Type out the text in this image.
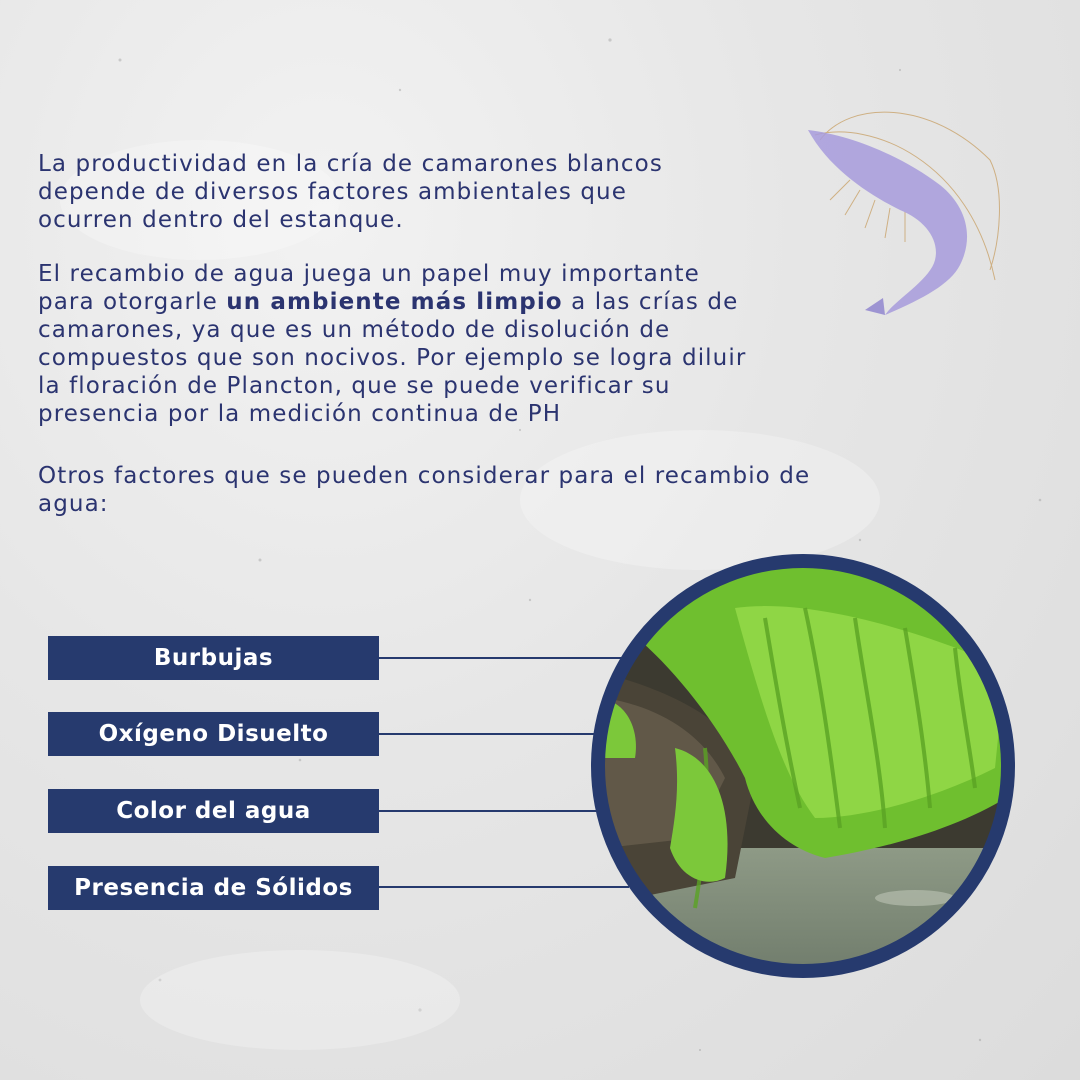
La productividad en la cría de camarones blancos
depende de diversos factores ambientales que
ocurren dentro del estanque.

El recambio de agua juega un papel muy importante
para otorgarle un ambiente más limpio a las crías de
camarones, ya que es un método de disolución de
compuestos que son nocivos. Por ejemplo se logra diluir
la floración de Plancton, que se puede verificar su
presencia por la medición continua de PH

Otros factores que se pueden considerar para el recambio de
agua:

Burbujas
Oxígeno Disuelto
Color del agua
Presencia de Sólidos
